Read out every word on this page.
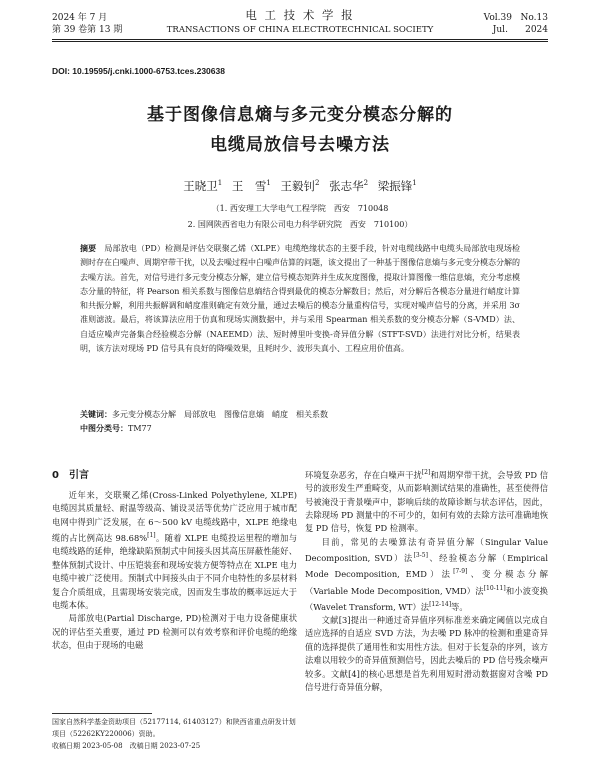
2024 年 7 月
第 39 卷第 13 期
电 工 技 术 学 报
TRANSACTIONS OF CHINA ELECTROTECHNICAL SOCIETY
Vol.39   No.13
Jul.      2024
DOI: 10.19595/j.cnki.1000-6753.tces.230638
基于图像信息熵与多元变分模态分解的
电缆局放信号去噪方法
王晓卫$^1$ 王　雪$^1$ 王毅钊$^2$ 张志华$^2$ 梁振锋$^1$
（1. 西安理工大学电气工程学院　西安　710048
2. 国网陕西省电力有限公司电力科学研究院　西安　710100）
摘要　局部放电（PD）检测是评估交联聚乙烯（XLPE）电缆绝缘状态的主要手段，针对电缆线路中电缆头局部放电现场检测时存在白噪声、周期窄带干扰，以及去噪过程中白噪声估算的问题，该文提出了一种基于图像信息熵与多元变分模态分解的去噪方法。首先，对信号进行多元变分模态分解，建立信号模态矩阵并生成灰度图像，提取计算图像一维信息熵，充分考虑模态分量的特征，将 Pearson 相关系数与图像信息熵结合得到最优的模态分解数目；然后，对分解后各模态分量进行峭度计算和共振分解，利用共振解调和峭度准则确定有效分量，通过去噪后的模态分量重构信号，实现对噪声信号的分离，并采用 3σ 准则滤波。最后，将该算法应用于仿真和现场实测数据中，并与采用 Spearman 相关系数的变分模态分解（S-VMD）法、自适应噪声完备集合经验模态分解（NAEEMD）法、短时傅里叶变换-奇异值分解（STFT-SVD）法进行对比分析，结果表明，该方法对现场 PD 信号具有良好的降噪效果，且耗时少、波形失真小、工程应用价值高。
关键词：多元变分模态分解　局部放电　图像信息熵　峭度　相关系数
中图分类号：TM77
0　引言

近年来，交联聚乙烯(Cross-Linked Polyethylene, XLPE)电缆因其质量轻、耐温等级高、铺设灵活等优势广泛应用于城市配电网中得到广泛发展，在 6～500 kV 电缆线路中，XLPE 绝缘电缆的占比例高达 98.68%[1]。随着 XLPE 电缆投运里程的增加与电缆线路的延伸，绝缘缺陷预制式中间接头因其高压屏蔽性能好、整体预制式设计、中压铠装套和现场安装方便等特点在 XLPE 电力电缆中被广泛使用。预制式中间接头由于不同介电特性的多层材料复合介质组成，且需现场安装完成，因而发生事故的概率远远大于电缆本体。

局部放电(Partial Discharge, PD)检测对于电力设备健康状况的评估至关重要，通过 PD 检测可以有效考察和评价电缆的绝缘状态，但由于现场的电磁

环境复杂恶劣，存在白噪声干扰[2]和周期窄带干扰，会导致 PD 信号的波形发生严重畸变，从而影响测试结果的准确性，甚至使得信号被淹没于背景噪声中，影响后续的故障诊断与状态评估，因此，去除现场 PD 测量中的不可少的，如何有效的去除方法可准确地恢复 PD 信号，恢复 PD 检测率。

目前，常见的去噪算法有奇异值分解（Singular Value Decomposition, SVD）法[3-5]、经验模态分解（Empirical Mode Decomposition, EMD）法[7-9]、变分模态分解（Variable Mode Decomposition, VMD）法[10-11]和小波变换（Wavelet Transform, WT）法[12-14]等。

文献[3]提出一种通过奇异值序列标准差来确定阈值以完成自适应选择的自适应 SVD 方法，为去噪 PD 脉冲的检测和重建奇异值的选择提供了通用性和实用性方法。但对于长复杂的序列，该方法难以用较少的奇异值预测信号，因此去噪后的 PD 信号残余噪声较多。文献[4]的核心思想是首先利用短时滑动数据窗对含噪 PD 信号进行奇异值分解，

国家自然科学基金资助项目（52177114, 61403127）和陕西省重点研发计划项目（52262KY220006）资助。
收稿日期 2023-05-08　改稿日期 2023-07-25
